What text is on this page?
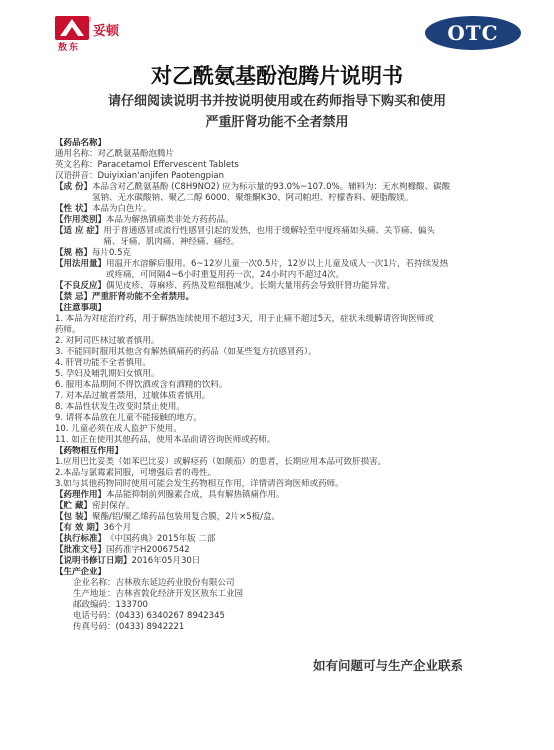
®
妥顿
敖东
OTC
对乙酰氨基酚泡腾片说明书
请仔细阅读说明书并按说明使用或在药师指导下购买和使用
严重肝肾功能不全者禁用
【药品名称】
通用名称： 对乙酰氨基酚泡腾片
英文名称： Paracetamol Effervescent Tablets
汉语拼音： Duiyixian'anjifen Paotengpian
【成 份】 本品含对乙酰氨基酚 (C8H9NO2) 应为标示量的93.0%~107.0%。辅料为：无水枸橼酸、碳酸
氢钠、无水碳酸钠、聚乙二醇 6000、聚维酮K30、阿司帕坦、柠檬香料、硬脂酸镁。
【性 状】 本品为白色片。
【作用类别】 本品为解热镇痛类非处方药药品。
【适 应 症】 用于普通感冒或流行性感冒引起的发热，也用于缓解轻至中度疼痛如头痛、关节痛、偏头
痛、牙痛、肌肉痛、神经痛、痛经。
【规 格】 每片0.5克
【用法用量】 用温开水溶解后服用。6~12岁儿童一次0.5片，12岁以上儿童及成人一次1片，若持续发热
或疼痛，可间隔4~6小时重复用药一次，24小时内不超过4次。
【不良反应】 偶见皮疹、荨麻疹、药热及粒细胞减少。长期大量用药会导致肝肾功能异常。
【禁 忌】 严重肝肾功能不全者禁用。
【注意事项】
1. 本品为对症治疗药，用于解热连续使用不超过3天，用于止痛不超过5天，症状未缓解请咨询医师或
药师。
2. 对阿司匹林过敏者慎用。
3. 不能同时服用其他含有解热镇痛药的药品（如某些复方抗感冒药）。
4. 肝肾功能不全者慎用。
5. 孕妇及哺乳期妇女慎用。
6. 服用本品期间不得饮酒或含有酒精的饮料。
7. 对本品过敏者禁用，过敏体质者慎用。
8. 本品性状发生改变时禁止使用。
9. 请将本品放在儿童不能接触的地方。
10. 儿童必须在成人监护下使用。
11. 如正在使用其他药品，使用本品前请咨询医师或药师。
【药物相互作用】
1.应用巴比妥类（如苯巴比妥）或解痉药（如颠茄）的患者，长期应用本品可致肝损害。
2.本品与氯霉素同服，可增强后者的毒性。
3.如与其他药物同时使用可能会发生药物相互作用，详情请咨询医师或药师。
【药理作用】 本品能抑制前列腺素合成，具有解热镇痛作用。
【贮 藏】 密封保存。
【包 装】 聚酯/铝/聚乙烯药品包装用复合膜，2片×5板/盒。
【有 效 期】 36个月
【执行标准】 《中国药典》2015年版 二部
【批准文号】 国药准字H20067542
【说明书修订日期】 2016年05月30日
【生产企业】
企业名称： 吉林敖东延边药业股份有限公司
生产地址： 吉林省敦化经济开发区敖东工业园
邮政编码： 133700
电话号码： (0433) 6340267 8942345
传真号码： (0433) 8942221
如有问题可与生产企业联系
